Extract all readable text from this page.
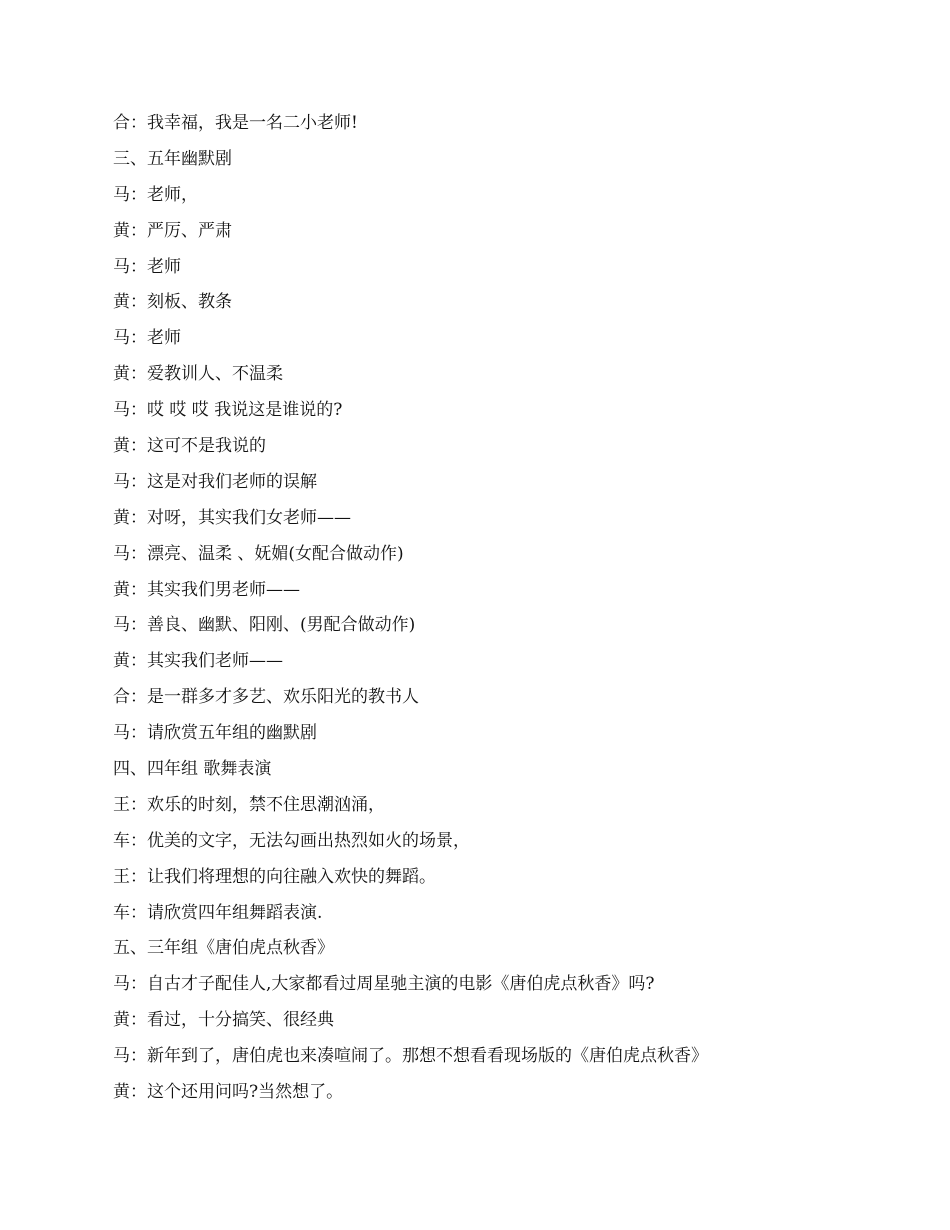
合：我幸福，我是一名二小老师!
三、五年幽默剧
马：老师，
黄：严厉、严肃
马：老师
黄：刻板、教条
马：老师
黄：爱教训人、不温柔
马：哎 哎 哎 我说这是谁说的?
黄：这可不是我说的
马：这是对我们老师的误解
黄：对呀，其实我们女老师——
马：漂亮、温柔 、妩媚(女配合做动作)
黄：其实我们男老师——
马：善良、幽默、阳刚、(男配合做动作)
黄：其实我们老师——
合：是一群多才多艺、欢乐阳光的教书人
马：请欣赏五年组的幽默剧
四、四年组 歌舞表演
王：欢乐的时刻，禁不住思潮汹涌，
车：优美的文字，无法勾画出热烈如火的场景，
王：让我们将理想的向往融入欢快的舞蹈。
车：请欣赏四年组舞蹈表演.
五、三年组《唐伯虎点秋香》
马：自古才子配佳人,大家都看过周星驰主演的电影《唐伯虎点秋香》吗?
黄：看过，十分搞笑、很经典
马：新年到了，唐伯虎也来凑喧闹了。那想不想看看现场版的《唐伯虎点秋香》
黄：这个还用问吗?当然想了。
